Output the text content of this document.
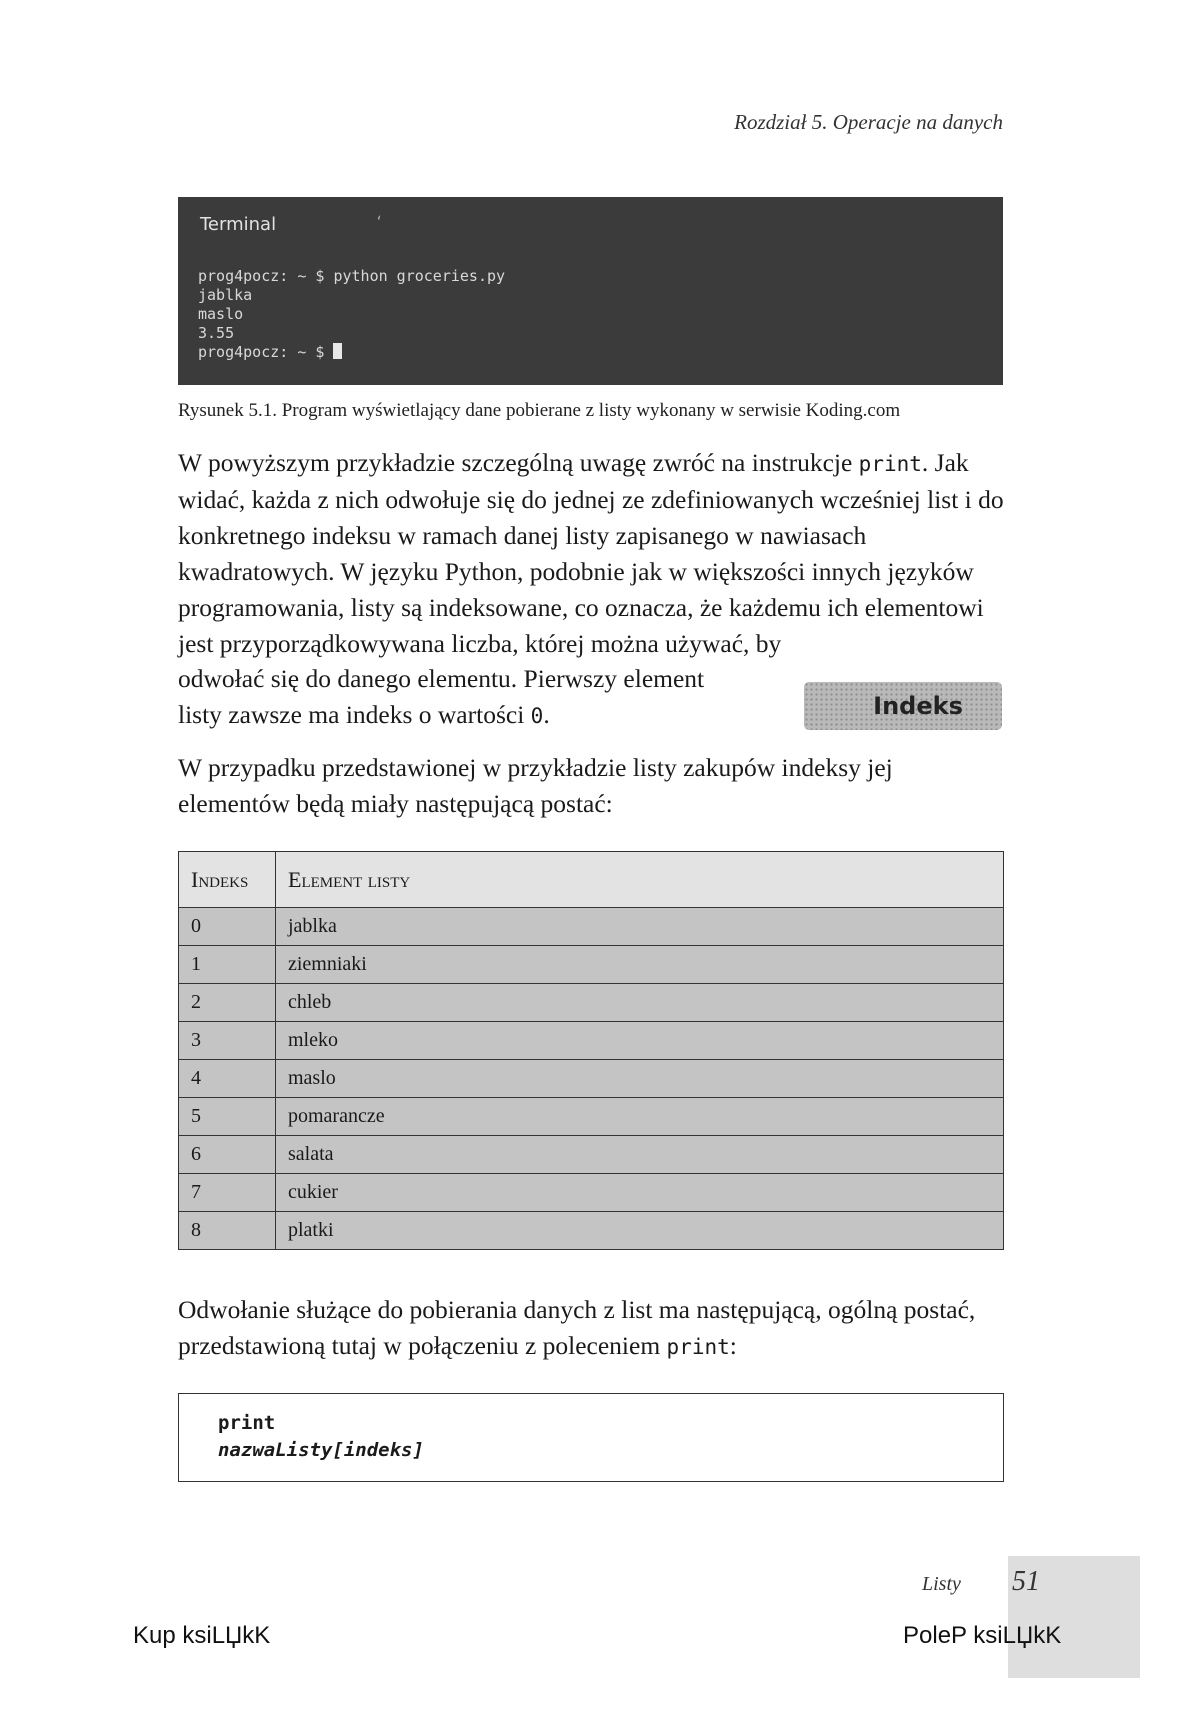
Rozdział 5. Operacje na danych
Terminal	ʻ
prog4pocz: ~ $ python groceries.py
jablka
maslo
3.55
prog4pocz: ~ $
Rysunek 5.1. Program wyświetlający dane pobierane z listy wykonany w serwisie Koding.com
W powyższym przykładzie szczególną uwagę zwróć na instrukcje print. Jak widać, każda z nich odwołuje się do jednej ze zdefiniowanych wcześniej list i do konkretnego indeksu w ramach danej listy zapisanego w nawiasach kwadratowych. W języku Python, podobnie jak w większości innych języków programowania, listy są indeksowane, co oznacza, że każdemu ich elementowi jest przyporządkowywana liczba, której można używać, by
odwołać się do danego elementu. Pierwszy element
listy zawsze ma indeks o wartości 0.	Indeks
W przypadku przedstawionej w przykładzie listy zakupów indeksy jej elementów będą miały następującą postać:
Indeks	Element listy
0	jablka
1	ziemniaki
2	chleb
3	mleko
4	maslo
5	pomarancze
6	salata
7	cukier
8	platki
Odwołanie służące do pobierania danych z list ma następującą, ogólną postać, przedstawioną tutaj w połączeniu z poleceniem print:
print
nazwaListy[indeks]
Listy 51
Kup ksiLЏkK	PoleP ksiLЏkK
